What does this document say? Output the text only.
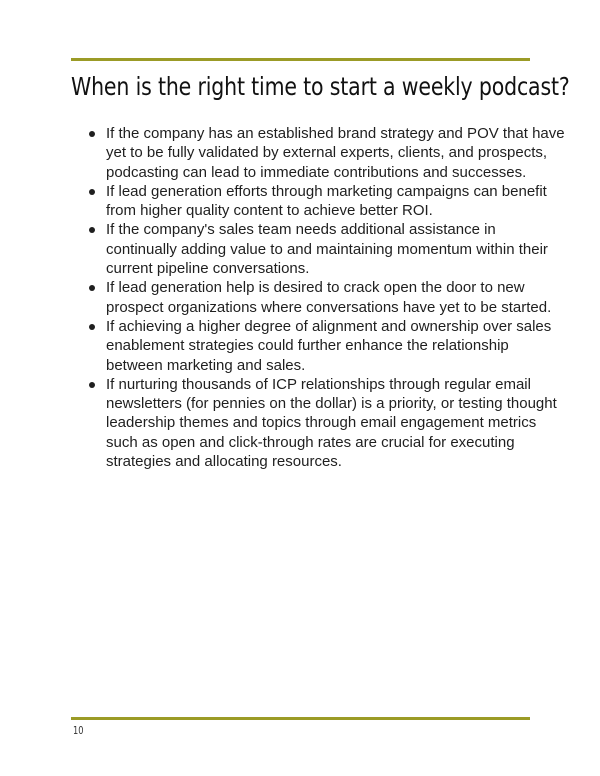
When is the right time to start a weekly podcast?
If the company has an established brand strategy and POV that have yet to be fully validated by external experts, clients, and prospects, podcasting can lead to immediate contributions and successes.
If lead generation efforts through marketing campaigns can benefit from higher quality content to achieve better ROI.
If the company's sales team needs additional assistance in continually adding value to and maintaining momentum within their current pipeline conversations.
If lead generation help is desired to crack open the door to new prospect organizations where conversations have yet to be started.
If achieving a higher degree of alignment and ownership over sales enablement strategies could further enhance the relationship between marketing and sales.
If nurturing thousands of ICP relationships through regular email newsletters (for pennies on the dollar) is a priority, or testing thought leadership themes and topics through email engagement metrics such as open and click-through rates are crucial for executing strategies and allocating resources.
10
